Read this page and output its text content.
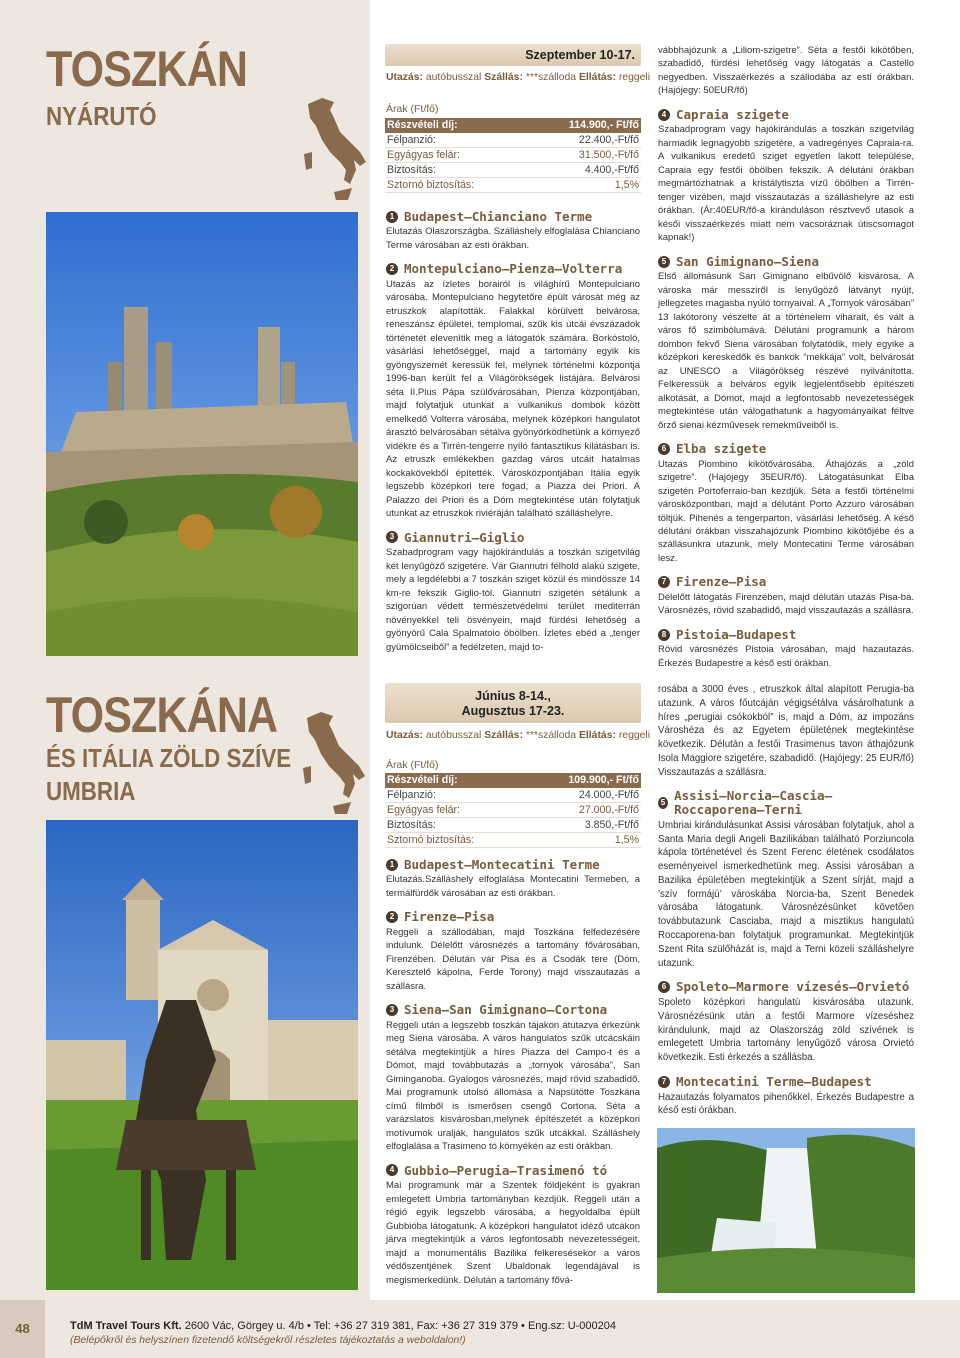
TOSZKÁN
NYÁRUTÓ
TOSZKÁNA
ÉS ITÁLIA ZÖLD SZÍVE
UMBRIA
Szeptember 10-17.
Utazás: autóbusszal Szállás: ***szálloda Ellátás: reggeli
Árak (Ft/fő)
Részvételi díj:	114.900,- Ft/fő
Félpanzió:	22.400,-Ft/fő
Egyágyas felár:	31.500,-Ft/fő
Biztosítás:	4.400,-Ft/fő
Sztornó biztosítás:	1,5%
1 Budapest–Chianciano Terme

Elutazás Olaszországba. Szálláshely elfoglalása Chianciano Terme városában az esti órákban.

2 Montepulciano–Pienza–Volterra

Utazás az ízletes borairól is világhírű Montepulciano városába. Montepulciano hegytetőre épült városát még az etruszkok alapították. Falakkal körülvett belvárosa, reneszánsz épületei, templomai, szűk kis utcái évszázadok történetét elevenítik meg a látogatók számára. Borkóstoló, vásárlási lehetőséggel, majd a tartomány egyik kis gyöngyszemét keressük fel, melynek történelmi központja 1996-ban került fel a Világörökségek listájára. Belvárosi séta II.Pius Pápa szülővárosában, Pienza központjában, majd folytatjuk utunkat a vulkanikus dombok között emelkedő Volterra városába, melynek középkori hangulatot árasztó belvárosában sétálva gyönyörködhetünk a környező vidékre és a Tirrén-tengerre nyíló fantasztikus kilátásban is. Az etruszk emlékekben gazdag város utcáit hatalmas kockakövekből építették. Városközpontjában Itália egyik legszebb középkori tere fogad, a Piazza dei Priori. A Palazzo dei Priori és a Dóm megtekintése után folytatjuk utunkat az etruszkok riviéráján található szálláshelyre.

3 Giannutri–Giglio

Szabadprogram vagy hajókirándulás a toszkán szigetvilág két lenyűgöző szigetére. Vár Giannutri félhold alakú szigete, mely a legdélebbi a 7 toszkán sziget közül és mindössze 14 km-re fekszik Giglio-tól. Giannutri szigetén sétálunk a szigorúan védett természetvédelmi terület mediterrán növényekkel teli ösvényein, majd fürdési lehetőség a gyönyörű Cala Spalmatoio öbölben. Ízletes ebéd a „tenger gyümölcseiből” a fedélzeten, majd to-

vábbhajózunk a „Liliom-szigetre”. Séta a festői kikötőben, szabadidő, fürdési lehetőség vagy látogatás a Castello negyedben. Visszaérkezés a szállodába az esti órákban. (Hajójegy: 50EUR/fő)

4 Capraia szigete

Szabadprogram vagy hajókirándulás a toszkán szigetvilág harmadik legnagyobb szigetére, a vadregényes Capraia-ra. A vulkanikus eredetű sziget egyetlen lakott települése, Capraia egy festői öbölben fekszik. A délutáni órákban megmártózhatnak a kristálytiszta vízű öbölben a Tirrén- tenger vizében, majd visszautazás a szálláshelyre az esti órákban. (Ár:40EUR/fő-a kiránduláson résztvevő utasok a késői visszaérkezés miatt nem vacsoráznak útiscsomagot kapnak!)

5 San Gimignano–Siena

Első állomásunk San Gimignano elbűvölő kisvárosa. A városka már messziről is lenyűgöző látványt nyújt, jellegzetes magasba nyúló tornyaival. A „Tornyok városában” 13 lakótorony vészelte át a történelem viharait, és vált a város fő szimbólumává. Délutáni programunk a három dombon fekvő Siena városában folytatódik, mely egyike a középkori kereskedők és bankok “mekkája” volt, belvárosát az UNESCO a Világörökség részévé nyilvánította. Felkeressük a belváros egyik legjelentősebb építészeti alkotását, a Dómot, majd a legfontosabb nevezetességek megtekintése után válogathatunk a hagyományaikat féltve őrző sienai kézművesek remekműveiből is.

6 Elba szigete

Utazás Piombino kikötővárosába. Áthajózás a „zöld szigetre”. (Hajójegy 35EUR/fő). Látogatásunkat Elba szigetén Portoferraio-ban kezdjük. Séta a festői történelmi városközpontban, majd a délutánt Porto Azzuro városában töltjük. Pihenés a tengerparton, vásárlási lehetőség. A késő délutáni órákban visszahajózunk Piombino kikötőjébe és a szállásunkra utazunk, mely Montecatini Terme városában lesz.

7 Firenze–Pisa

Délelőtt látogatás Firenzében, majd délután utazás Pisa-ba. Városnézés, rövid szabadidő, majd visszautazás a szállásra.

8 Pistoia–Budapest

Rövid városnézés Pistoia városában, majd hazautazás. Érkezés Budapestre a késő esti órákban.

Június 8-14.,
Augusztus 17-23.
Utazás: autóbusszal Szállás: ***szálloda Ellátás: reggeli
Árak (Ft/fő)
Részvételi díj:	109.900,- Ft/fő
Félpanzió:	24.000,-Ft/fő
Egyágyas felár:	27.000,-Ft/fő
Biztosítás:	3.850,-Ft/fő
Sztornó biztosítás:	1,5%
1 Budapest–Montecatini Terme

Elutazás.Szálláshely elfoglalása Montecatini Termeben, a termálfürdők városában az esti órákban.

2 Firenze–Pisa

Reggeli a szállodában, majd Toszkána felfedezésére indulunk. Délelőtt városnézés a tartomány fővárosában, Firenzében. Délután vár Pisa és a Csodák tere (Dóm, Keresztelő kápolna, Ferde Torony) majd visszautazás a szállásra.

3 Siena–San Gimignano–Cortona

Reggeli után a legszebb toszkán tájakon átutazva érkezünk meg Siena városába. A város hangulatos szűk utcácskáin sétálva megtekintjük a híres Piazza del Campo-t és a Dómot, majd továbbutazás a „tornyok városába”, San Giminganoba. Gyalogos városnézés, majd rövid szabadidő. Mai programunk utolsó állomása a Napsütötte Toszkána című filmből is ismerősen csengő Cortona. Séta a varázslatos kisvárosban,melynek építészetét a középkori motívumok uralják, hangulatos szűk utcákkal. Szálláshely elfoglalása a Trasimeno tó környékén az esti órákban.

4 Gubbio–Perugia–Trasimenó tó

Mai programunk már a Szentek földjeként is gyakran emlegetett Umbria tartományban kezdjük. Reggeli után a régió egyik legszebb városába, a hegyoldalba épült Gubbióba látogatunk. A középkori hangulatot idéző utcákon járva megtekintjük a város legfontosabb nevezetességeit, majd a monumentális Bazilika felkeresésekor a város védőszentjének Szent Ubaldonak legendájával is megismerkedünk. Délután a tartomány fővá-

rosába a 3000 éves , etruszkok által alapított Perugia-ba utazunk. A város főutcáján végigsétálva vásárolhatunk a híres „perugiai csókokból” is, majd a Dóm, az impozáns Városhéza és az Egyetem épületének megtekintése következik. Délután a festői Trasimenus tavon áthajózunk Isola Maggiore szigetére, szabadidő. (Hajójegy: 25 EUR/fő) Visszautazás a szállásra.

5 Assisi–Norcia–Cascia–Roccaporena–Terni

Umbriai kirándulásunkat Assisi városában folytatjuk, ahol a Santa Maria degli Angeli Bazilikában található Porziuncola kápola történetével és Szent Ferenc életének csodálatos eseményeivel ismerkedhetünk meg. Assisi városában a Bazilika épületében megtekintjük a Szent sírját, majd a ’szív formájú’ városkába Norcia-ba, Szent Benedek városába látogatunk. Városnézésünket követően továbbutazunk Casciaba, majd a misztikus hangulatú Roccaporena-ban folytatjuk programunkat. Megtekintjük Szent Rita szülőházát is, majd a Terni közeli szálláshelyre utazunk.

6 Spoleto–Marmore vízesés–Orvietó

Spoleto középkori hangulatú kisvárosába utazunk. Városnézésünk után a festői Marmore vízeséshez kirándulunk, majd az Olaszország zöld szívének is emlegetett Umbria tartomány lenyűgöző városa Orvietó következik. Esti érkezés a szállásba.

7 Montecatini Terme–Budapest

Hazautazás folyamatos pihenőkkel. Érkezés Budapestre a késő esti órákban.

48	TdM Travel Tours Kft. 2600 Vác, Görgey u. 4/b • Tel: +36 27 319 381, Fax: +36 27 319 379 • Eng.sz: U-000204
(Belépőkről és helyszínen fizetendő költségekről részletes tájékoztatás a weboldalon!)
